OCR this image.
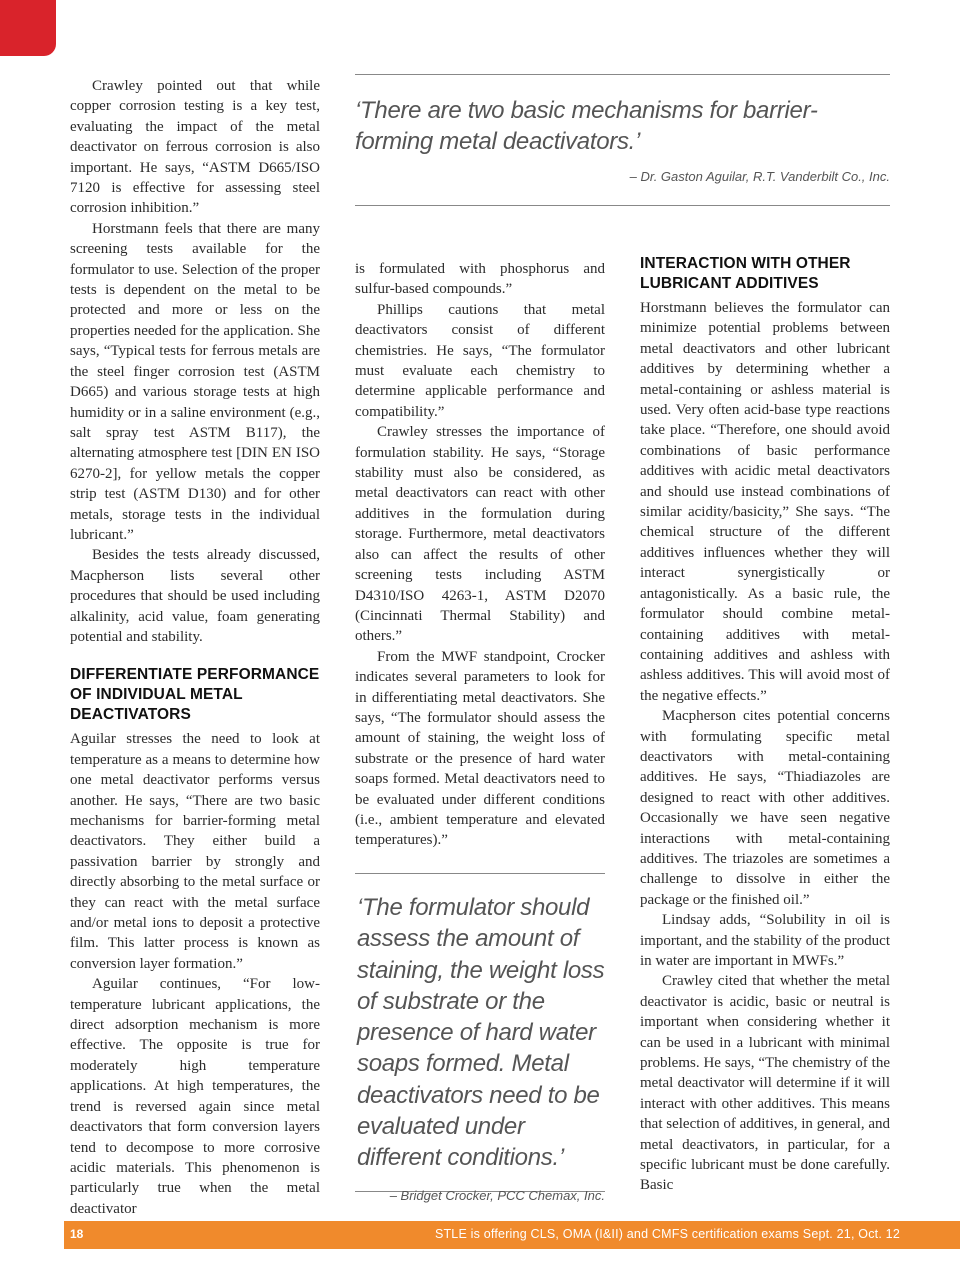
Crawley pointed out that while copper corrosion testing is a key test, evaluating the impact of the metal deactivator on ferrous corrosion is also important. He says, “ASTM D665/ISO 7120 is effective for assessing steel corrosion inhibition.”

Horstmann feels that there are many screening tests available for the formulator to use. Selection of the proper tests is dependent on the metal to be protected and more or less on the properties needed for the application. She says, “Typical tests for ferrous metals are the steel finger corrosion test (ASTM D665) and various storage tests at high humidity or in a saline environment (e.g., salt spray test ASTM B117), the alternating atmosphere test [DIN EN ISO 6270-2], for yellow metals the copper strip test (ASTM D130) and for other metals, storage tests in the individual lubricant.”

Besides the tests already discussed, Macpherson lists several other procedures that should be used including alkalinity, acid value, foam generating potential and stability.

DIFFERENTIATE PERFORMANCE OF INDIVIDUAL METAL DEACTIVATORS

Aguilar stresses the need to look at temperature as a means to determine how one metal deactivator performs versus another. He says, “There are two basic mechanisms for barrier-forming metal deactivators. They either build a passivation barrier by strongly and directly absorbing to the metal surface or they can react with the metal surface and/or metal ions to deposit a protective film. This latter process is known as conversion layer formation.”

Aguilar continues, “For low-temperature lubricant applications, the direct adsorption mechanism is more effective. The opposite is true for moderately high temperature applications. At high temperatures, the trend is reversed again since metal deactivators that form conversion layers tend to decompose to more corrosive acidic materials. This phenomenon is particularly true when the metal deactivator

‘There are two basic mechanisms for barrier-forming metal deactivators.’
– Dr. Gaston Aguilar, R.T. Vanderbilt Co., Inc.

is formulated with phosphorus and sulfur-based compounds.”

Phillips cautions that metal deactivators consist of different chemistries. He says, “The formulator must evaluate each chemistry to determine applicable performance and compatibility.”

Crawley stresses the importance of formulation stability. He says, “Storage stability must also be considered, as metal deactivators can react with other additives in the formulation during storage. Furthermore, metal deactivators also can affect the results of other screening tests including ASTM D4310/ISO 4263-1, ASTM D2070 (Cincinnati Thermal Stability) and others.”

From the MWF standpoint, Crocker indicates several parameters to look for in differentiating metal deactivators. She says, “The formulator should assess the amount of staining, the weight loss of substrate or the presence of hard water soaps formed. Metal deactivators need to be evaluated under different conditions (i.e., ambient temperature and elevated temperatures).”

‘The formulator should assess the amount of staining, the weight loss of substrate or the presence of hard water soaps formed. Metal deactivators need to be evaluated under different conditions.’
– Bridget Crocker, PCC Chemax, Inc.
INTERACTION WITH OTHER LUBRICANT ADDITIVES

Horstmann believes the formulator can minimize potential problems between metal deactivators and other lubricant additives by determining whether a metal-containing or ashless material is used. Very often acid-base type reactions take place. “Therefore, one should avoid combinations of basic performance additives with acidic metal deactivators and should use instead combinations of similar acidity/basicity,” She says. “The chemical structure of the different additives influences whether they will interact synergistically or antagonistically. As a basic rule, the formulator should combine metal-containing additives with metal-containing additives and ashless with ashless additives. This will avoid most of the negative effects.”

Macpherson cites potential concerns with formulating specific metal deactivators with metal-containing additives. He says, “Thiadiazoles are designed to react with other additives. Occasionally we have seen negative interactions with metal-containing additives. The triazoles are sometimes a challenge to dissolve in either the package or the finished oil.”

Lindsay adds, “Solubility in oil is important, and the stability of the product in water are important in MWFs.”

Crawley cited that whether the metal deactivator is acidic, basic or neutral is important when considering whether it can be used in a lubricant with minimal problems. He says, “The chemistry of the metal deactivator will determine if it will interact with other additives. This means that selection of additives, in general, and metal deactivators, in particular, for a specific lubricant must be done carefully. Basic

18	STLE is offering CLS, OMA (I&II) and CMFS certification exams Sept. 21, Oct. 12
